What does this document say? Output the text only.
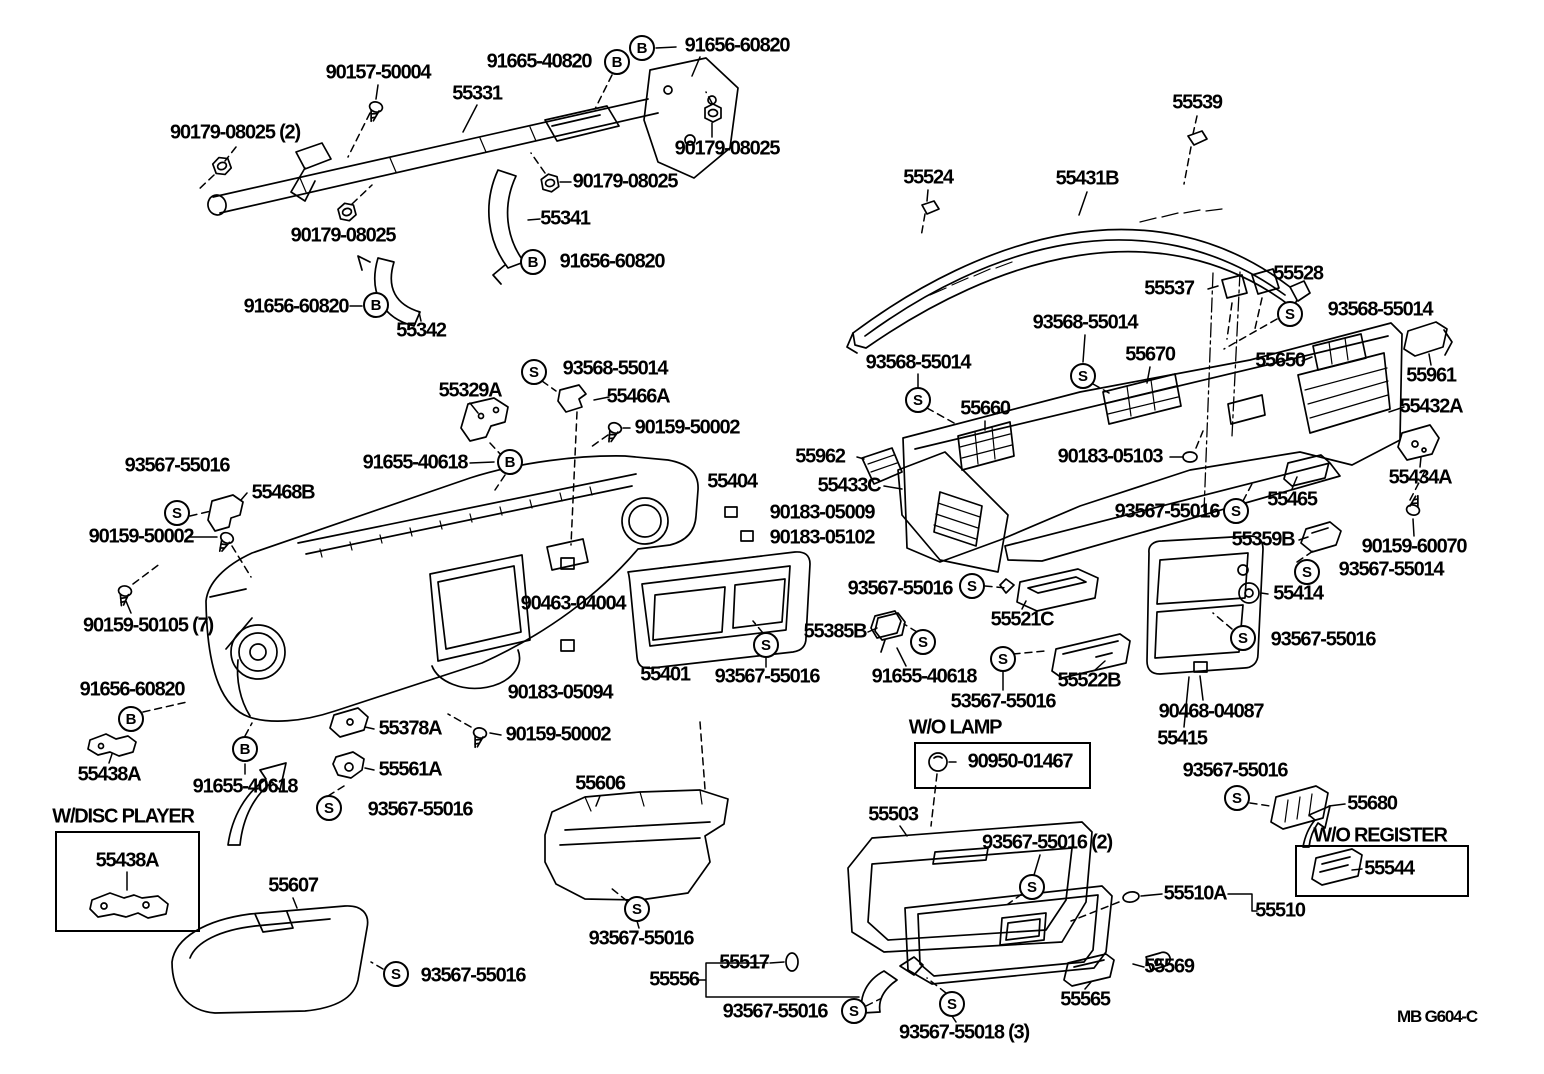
90157-50004	91665-40820
91656-60820
55331
90179-08025 (2)
90179-08025
90179-08025
55341
91656-60820
91656-60820
55342
90179-08025
55539
55524	55431B
55537
55528
93568-55014
93568-55014
55670	55650
55961
55432A
93568-55014
55660
55962
55433C
90183-05103
55465
55434A
93567-55016
55359B	90159-60070
93567-55014
55414
93567-55016
90468-04087
55415
55329A
93568-55014
55466A
90159-50002
91655-40618
93567-55016
55468B
90159-50002
90159-50105 (7)
55404
90183-05009
90183-05102
90463-04004
55385B
55401 93567-55016
90183-05094
91655-40618
53567-55016
55521C
93567-55016
55522B
91656-60820
55438A
W/DISC PLAYER
55438A
91655-40618
55378A
55561A
93567-55016
90159-50002
55607
93567-55016
55606
93567-55016
W/O LAMP
90950-01467
55503
93567-55016 (2)
93567-55016
55680
W/O REGISTER
55544
55510A
55510
55517
55556
93567-55016
93567-55018 (3)
55565
55569
MB G604-C
B
B
B
B
B
B
B
S
S
S
S
S	S
S
S
S
S
S
S
S
S
S
S
S
S	S
